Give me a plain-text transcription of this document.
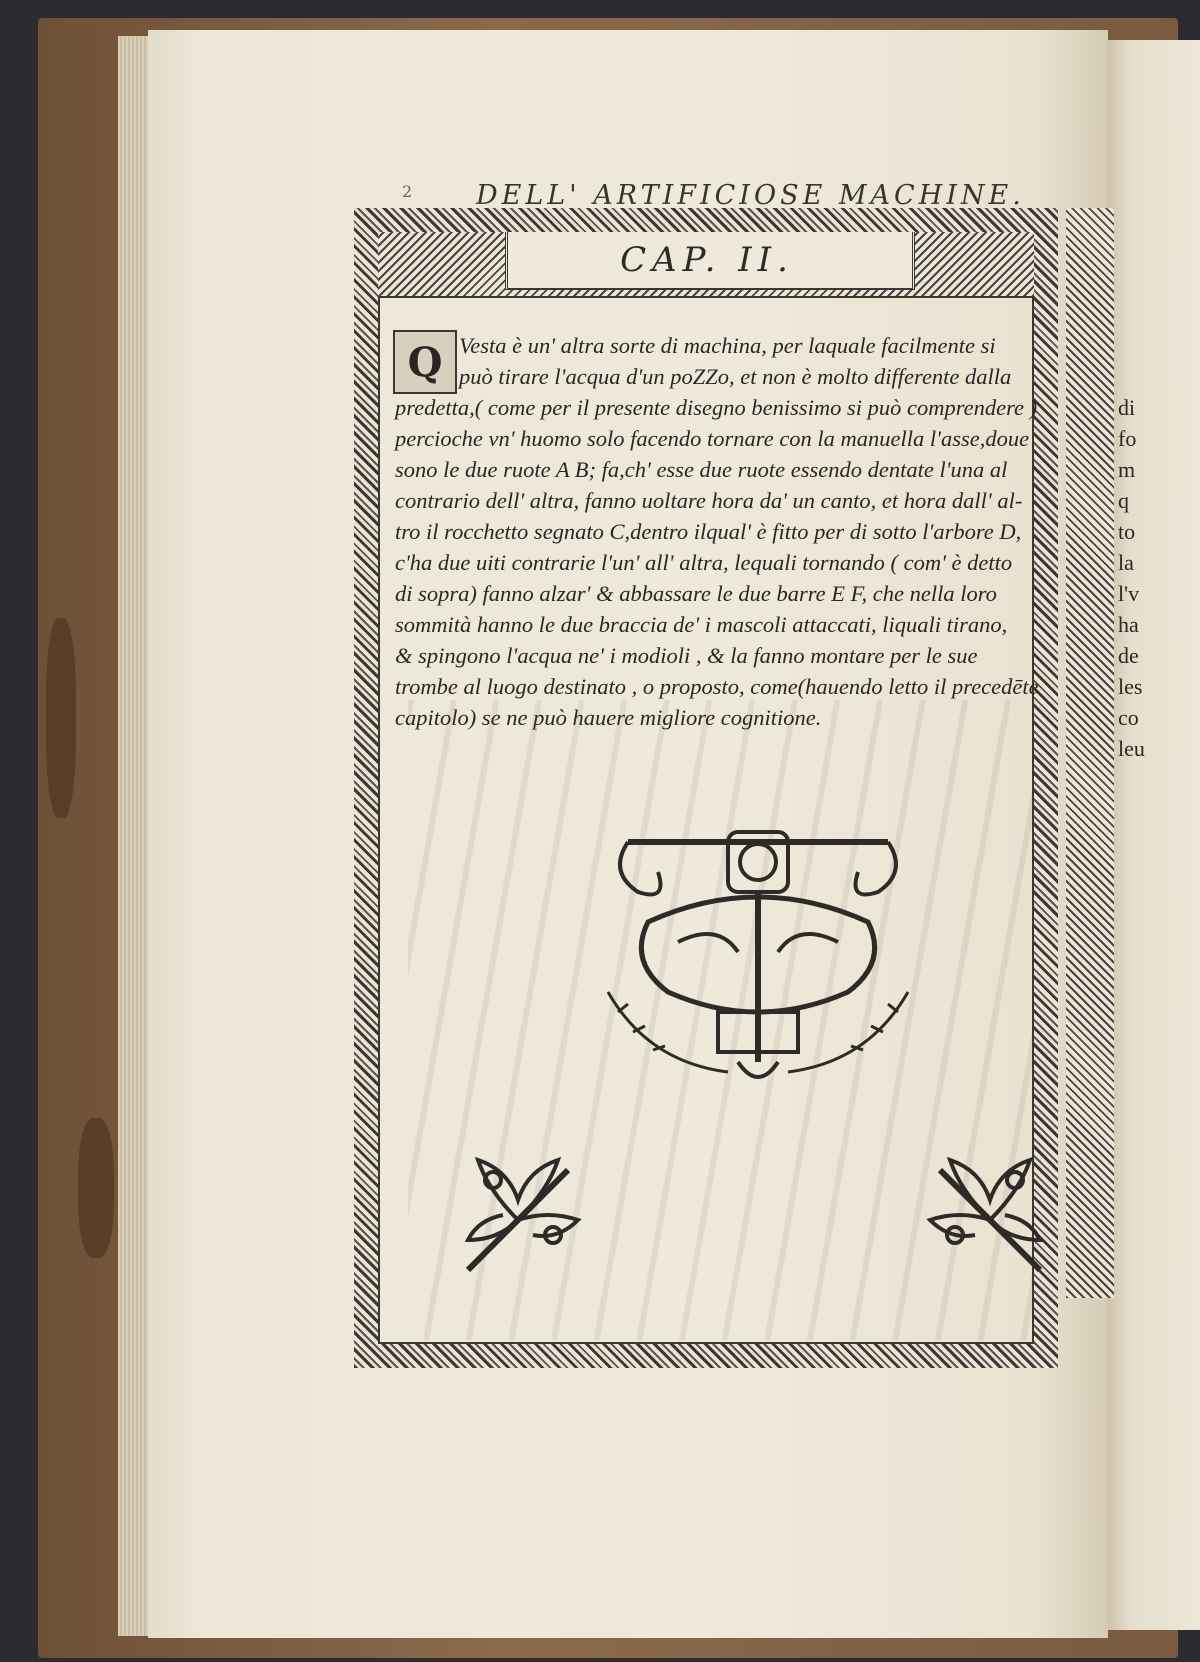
2 DELL' ARTIFICIOSE MACHINE.
CAP. II.
Q Vesta è un' altra sorte di machina, per laquale facilmente si
può tirare l'acqua d'un poZZo, et non è molto differente dalla
predetta,( come per il presente disegno benissimo si può comprendere )
percioche vn' huomo solo facendo tornare con la manuella l'asse,doue
sono le due ruote A B; fa,ch' esse due ruote essendo dentate l'una al
contrario dell' altra, fanno uoltare hora da' un canto, et hora dall' al-
tro il rocchetto segnato C,dentro ilqual' è fitto per di sotto l'arbore D,
c'ha due uiti contrarie l'un' all' altra, lequali tornando ( com' è detto
di sopra) fanno alzar' & abbassare le due barre E F, che nella loro
sommità hanno le due braccia de' i mascoli attaccati, liquali tirano,
& spingono l'acqua ne' i modioli , & la fanno montare per le sue
trombe al luogo destinato , o proposto, come(hauendo letto il precedēte
capitolo) se ne può hauere migliore cognitione.
di
fo
m
q
to
la
l'v
ha
de
les
co
leu
